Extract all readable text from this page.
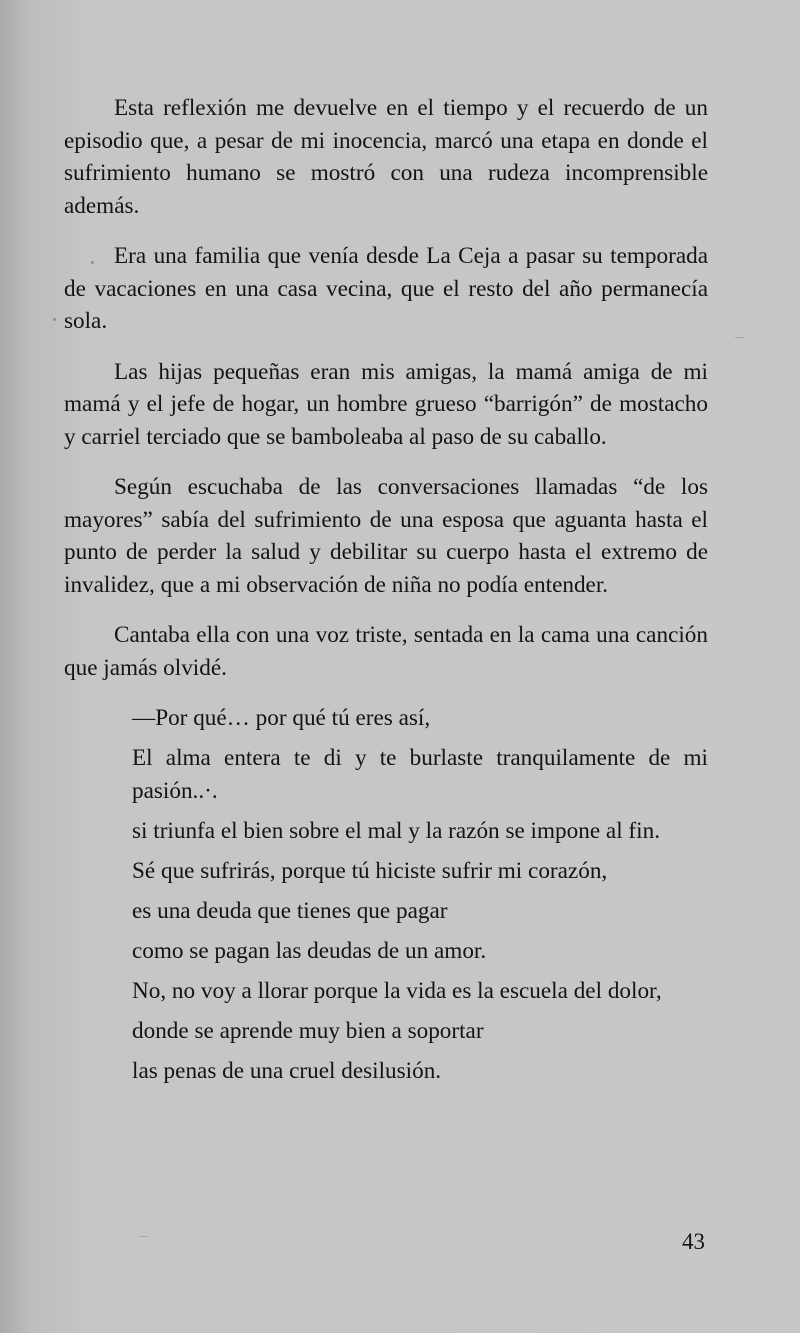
Esta reflexión me devuelve en el tiempo y el recuerdo de un episodio que, a pesar de mi inocencia, marcó una etapa en donde el sufrimiento humano se mostró con una rudeza incomprensible además.

Era una familia que venía desde La Ceja a pasar su temporada de vacaciones en una casa vecina, que el resto del año permanecía sola.

Las hijas pequeñas eran mis amigas, la mamá amiga de mi mamá y el jefe de hogar, un hombre grueso “barrigón” de mostacho y carriel terciado que se bamboleaba al paso de su caballo.

Según escuchaba de las conversaciones llamadas “de los mayores” sabía del sufrimiento de una esposa que aguanta hasta el punto de perder la salud y debilitar su cuerpo hasta el extremo de invalidez, que a mi observación de niña no podía entender.

Cantaba ella con una voz triste, sentada en la cama una canción que jamás olvidé.

—Por qué… por qué tú eres así,

El alma entera te di y te burlaste tranquilamente de mi pasión..·.

si triunfa el bien sobre el mal y la razón se impone al fin.

Sé que sufrirás, porque tú hiciste sufrir mi corazón,

es una deuda que tienes que pagar

como se pagan las deudas de un amor.

No, no voy a llorar porque la vida es la escuela del dolor,

donde se aprende muy bien a soportar

las penas de una cruel desilusión.

43
